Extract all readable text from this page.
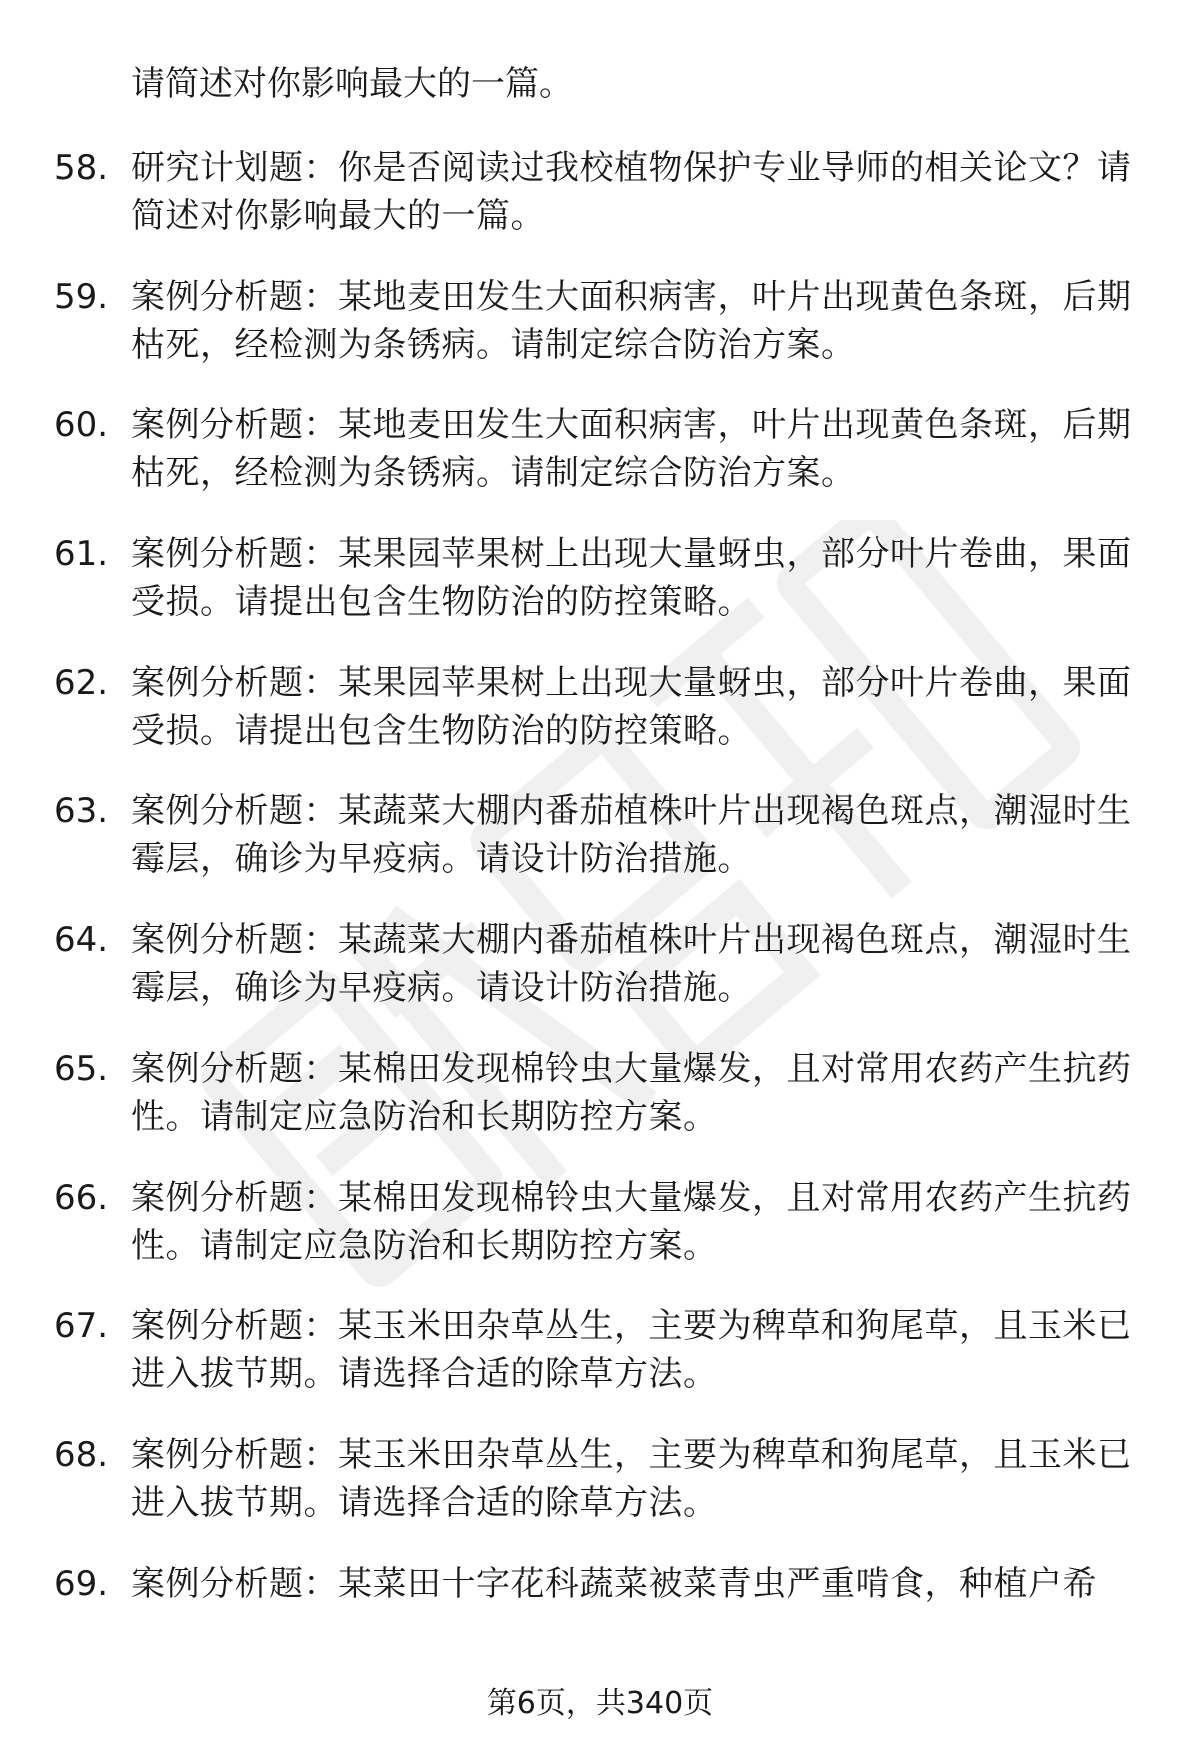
请简述对你影响最大的一篇。

58. 研究计划题：你是否阅读过我校植物保护专业导师的相关论文？请简述对你影响最大的一篇。

59. 案例分析题：某地麦田发生大面积病害，叶片出现黄色条斑，后期枯死，经检测为条锈病。请制定综合防治方案。

60. 案例分析题：某地麦田发生大面积病害，叶片出现黄色条斑，后期枯死，经检测为条锈病。请制定综合防治方案。

61. 案例分析题：某果园苹果树上出现大量蚜虫，部分叶片卷曲，果面受损。请提出包含生物防治的防控策略。

62. 案例分析题：某果园苹果树上出现大量蚜虫，部分叶片卷曲，果面受损。请提出包含生物防治的防控策略。

63. 案例分析题：某蔬菜大棚内番茄植株叶片出现褐色斑点，潮湿时生霉层，确诊为早疫病。请设计防治措施。

64. 案例分析题：某蔬菜大棚内番茄植株叶片出现褐色斑点，潮湿时生霉层，确诊为早疫病。请设计防治措施。

65. 案例分析题：某棉田发现棉铃虫大量爆发，且对常用农药产生抗药性。请制定应急防治和长期防控方案。

66. 案例分析题：某棉田发现棉铃虫大量爆发，且对常用农药产生抗药性。请制定应急防治和长期防控方案。

67. 案例分析题：某玉米田杂草丛生，主要为稗草和狗尾草，且玉米已进入拔节期。请选择合适的除草方法。

68. 案例分析题：某玉米田杂草丛生，主要为稗草和狗尾草，且玉米已进入拔节期。请选择合适的除草方法。

69. 案例分析题：某菜田十字花科蔬菜被菜青虫严重啃食，种植户希

第6页，共340页
